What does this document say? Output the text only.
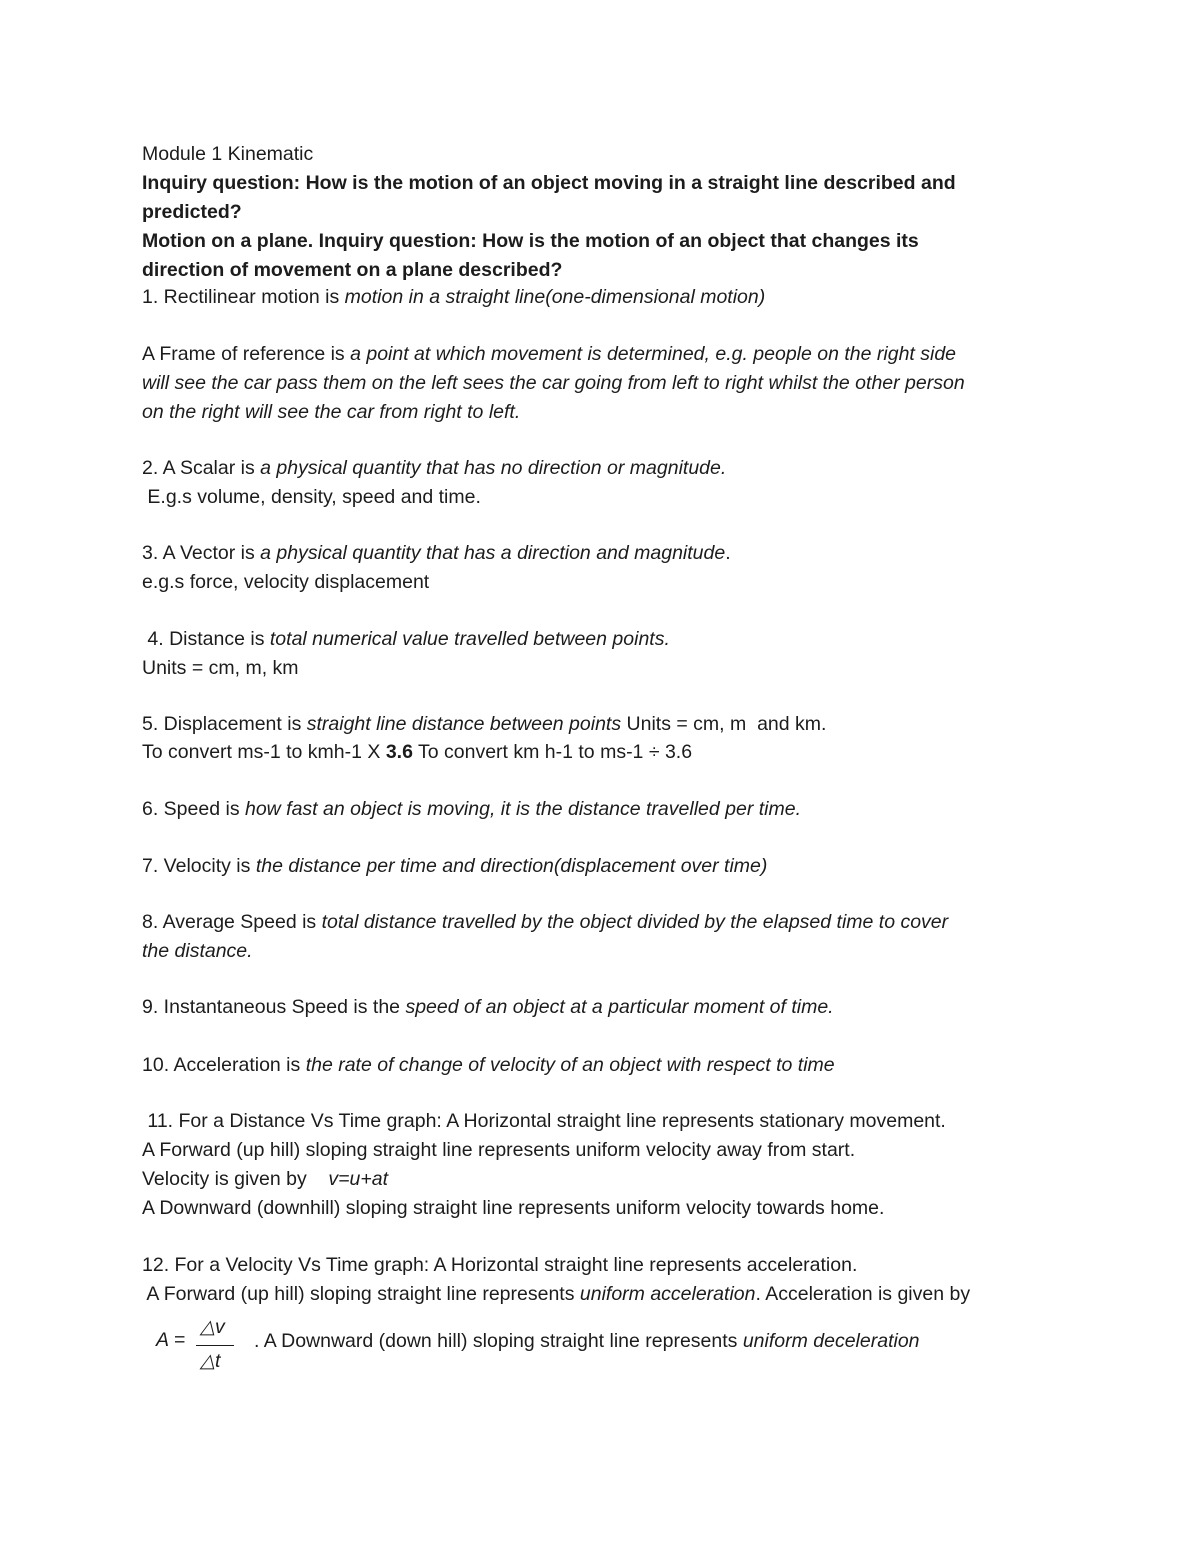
Module 1 Kinematic
Inquiry question: How is the motion of an object moving in a straight line described and
predicted?
Motion on a plane. Inquiry question: How is the motion of an object that changes its
direction of movement on a plane described?
1. Rectilinear motion is motion in a straight line(one-dimensional motion)
A Frame of reference is a point at which movement is determined, e.g. people on the right side
will see the car pass them on the left sees the car going from left to right whilst the other person
on the right will see the car from right to left.
2. A Scalar is a physical quantity that has no direction or magnitude.
E.g.s volume, density, speed and time.
3. A Vector is a physical quantity that has a direction and magnitude.
e.g.s force, velocity displacement
4. Distance is total numerical value travelled between points.
Units = cm, m, km
5. Displacement is straight line distance between points Units = cm, m  and km.
To convert ms-1 to kmh-1 X 3.6 To convert km h-1 to ms-1 ÷ 3.6
6. Speed is how fast an object is moving, it is the distance travelled per time.
7. Velocity is the distance per time and direction(displacement over time)
8. Average Speed is total distance travelled by the object divided by the elapsed time to cover
the distance.
9. Instantaneous Speed is the speed of an object at a particular moment of time.
10. Acceleration is the rate of change of velocity of an object with respect to time
11. For a Distance Vs Time graph: A Horizontal straight line represents stationary movement.
A Forward (up hill) sloping straight line represents uniform velocity away from start.
Velocity is given by    v=u+at
A Downward (downhill) sloping straight line represents uniform velocity towards home.
12. For a Velocity Vs Time graph: A Horizontal straight line represents acceleration.
A Forward (up hill) sloping straight line represents uniform acceleration. Acceleration is given by
A =
△v
△t
. A Downward (down hill) sloping straight line represents uniform deceleration
